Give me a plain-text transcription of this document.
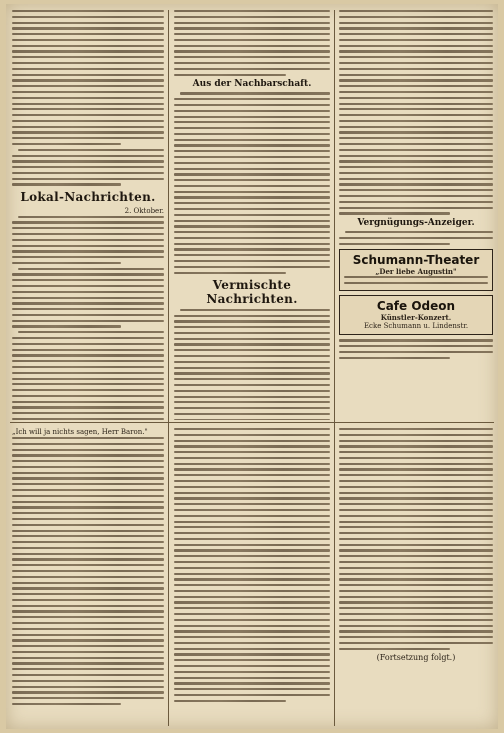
Lokal-Nachrichten.
2. Oktober.
Aus der Nachbarschaft.
Vermischte Nachrichten.
Vergnügungs-Anzeiger.
Schumann-Theater
„Der liebe Augustin"
Cafe Odeon
Künstler-Konzert.
Ecke Schumann u. Lindenstr.
„Ich will ja nichts sagen, Herr Baron."
(Fortsetzung folgt.)
